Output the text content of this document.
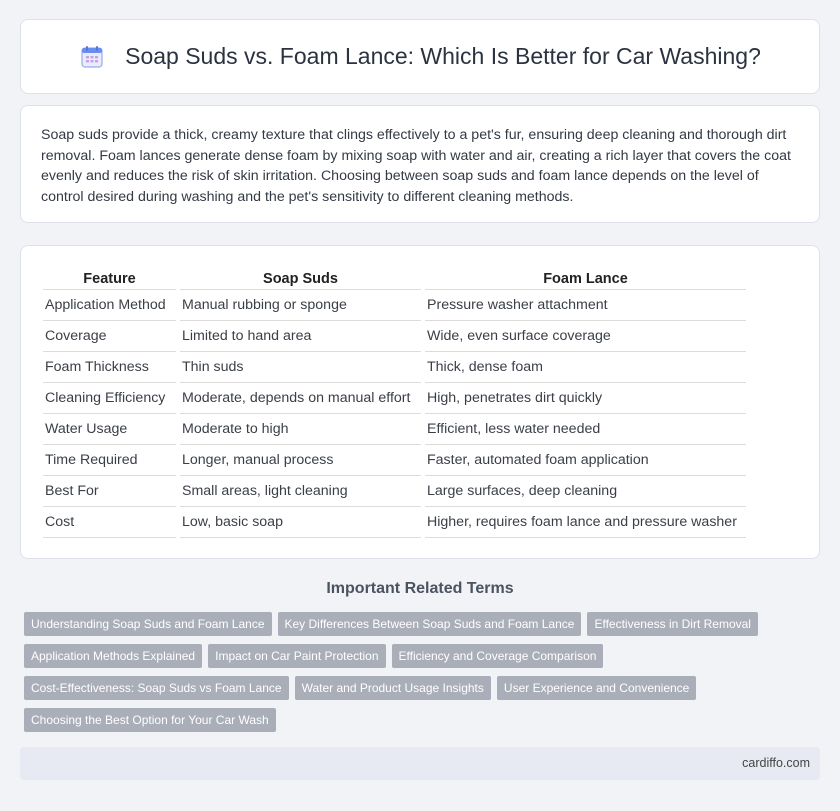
Soap Suds vs. Foam Lance: Which Is Better for Car Washing?

Soap suds provide a thick, creamy texture that clings effectively to a pet's fur, ensuring deep cleaning and thorough dirt removal. Foam lances generate dense foam by mixing soap with water and air, creating a rich layer that covers the coat evenly and reduces the risk of skin irritation. Choosing between soap suds and foam lance depends on the level of control desired during washing and the pet's sensitivity to different cleaning methods.

Feature	Soap Suds	Foam Lance
Application Method	Manual rubbing or sponge	Pressure washer attachment
Coverage	Limited to hand area	Wide, even surface coverage
Foam Thickness	Thin suds	Thick, dense foam
Cleaning Efficiency	Moderate, depends on manual effort	High, penetrates dirt quickly
Water Usage	Moderate to high	Efficient, less water needed
Time Required	Longer, manual process	Faster, automated foam application
Best For	Small areas, light cleaning	Large surfaces, deep cleaning
Cost	Low, basic soap	Higher, requires foam lance and pressure washer
Important Related Terms
Understanding Soap Suds and Foam Lance	Key Differences Between Soap Suds and Foam Lance	Effectiveness in Dirt Removal
Application Methods Explained	Impact on Car Paint Protection	Efficiency and Coverage Comparison
Cost-Effectiveness: Soap Suds vs Foam Lance	Water and Product Usage Insights	User Experience and Convenience
Choosing the Best Option for Your Car Wash
cardiffo.com
